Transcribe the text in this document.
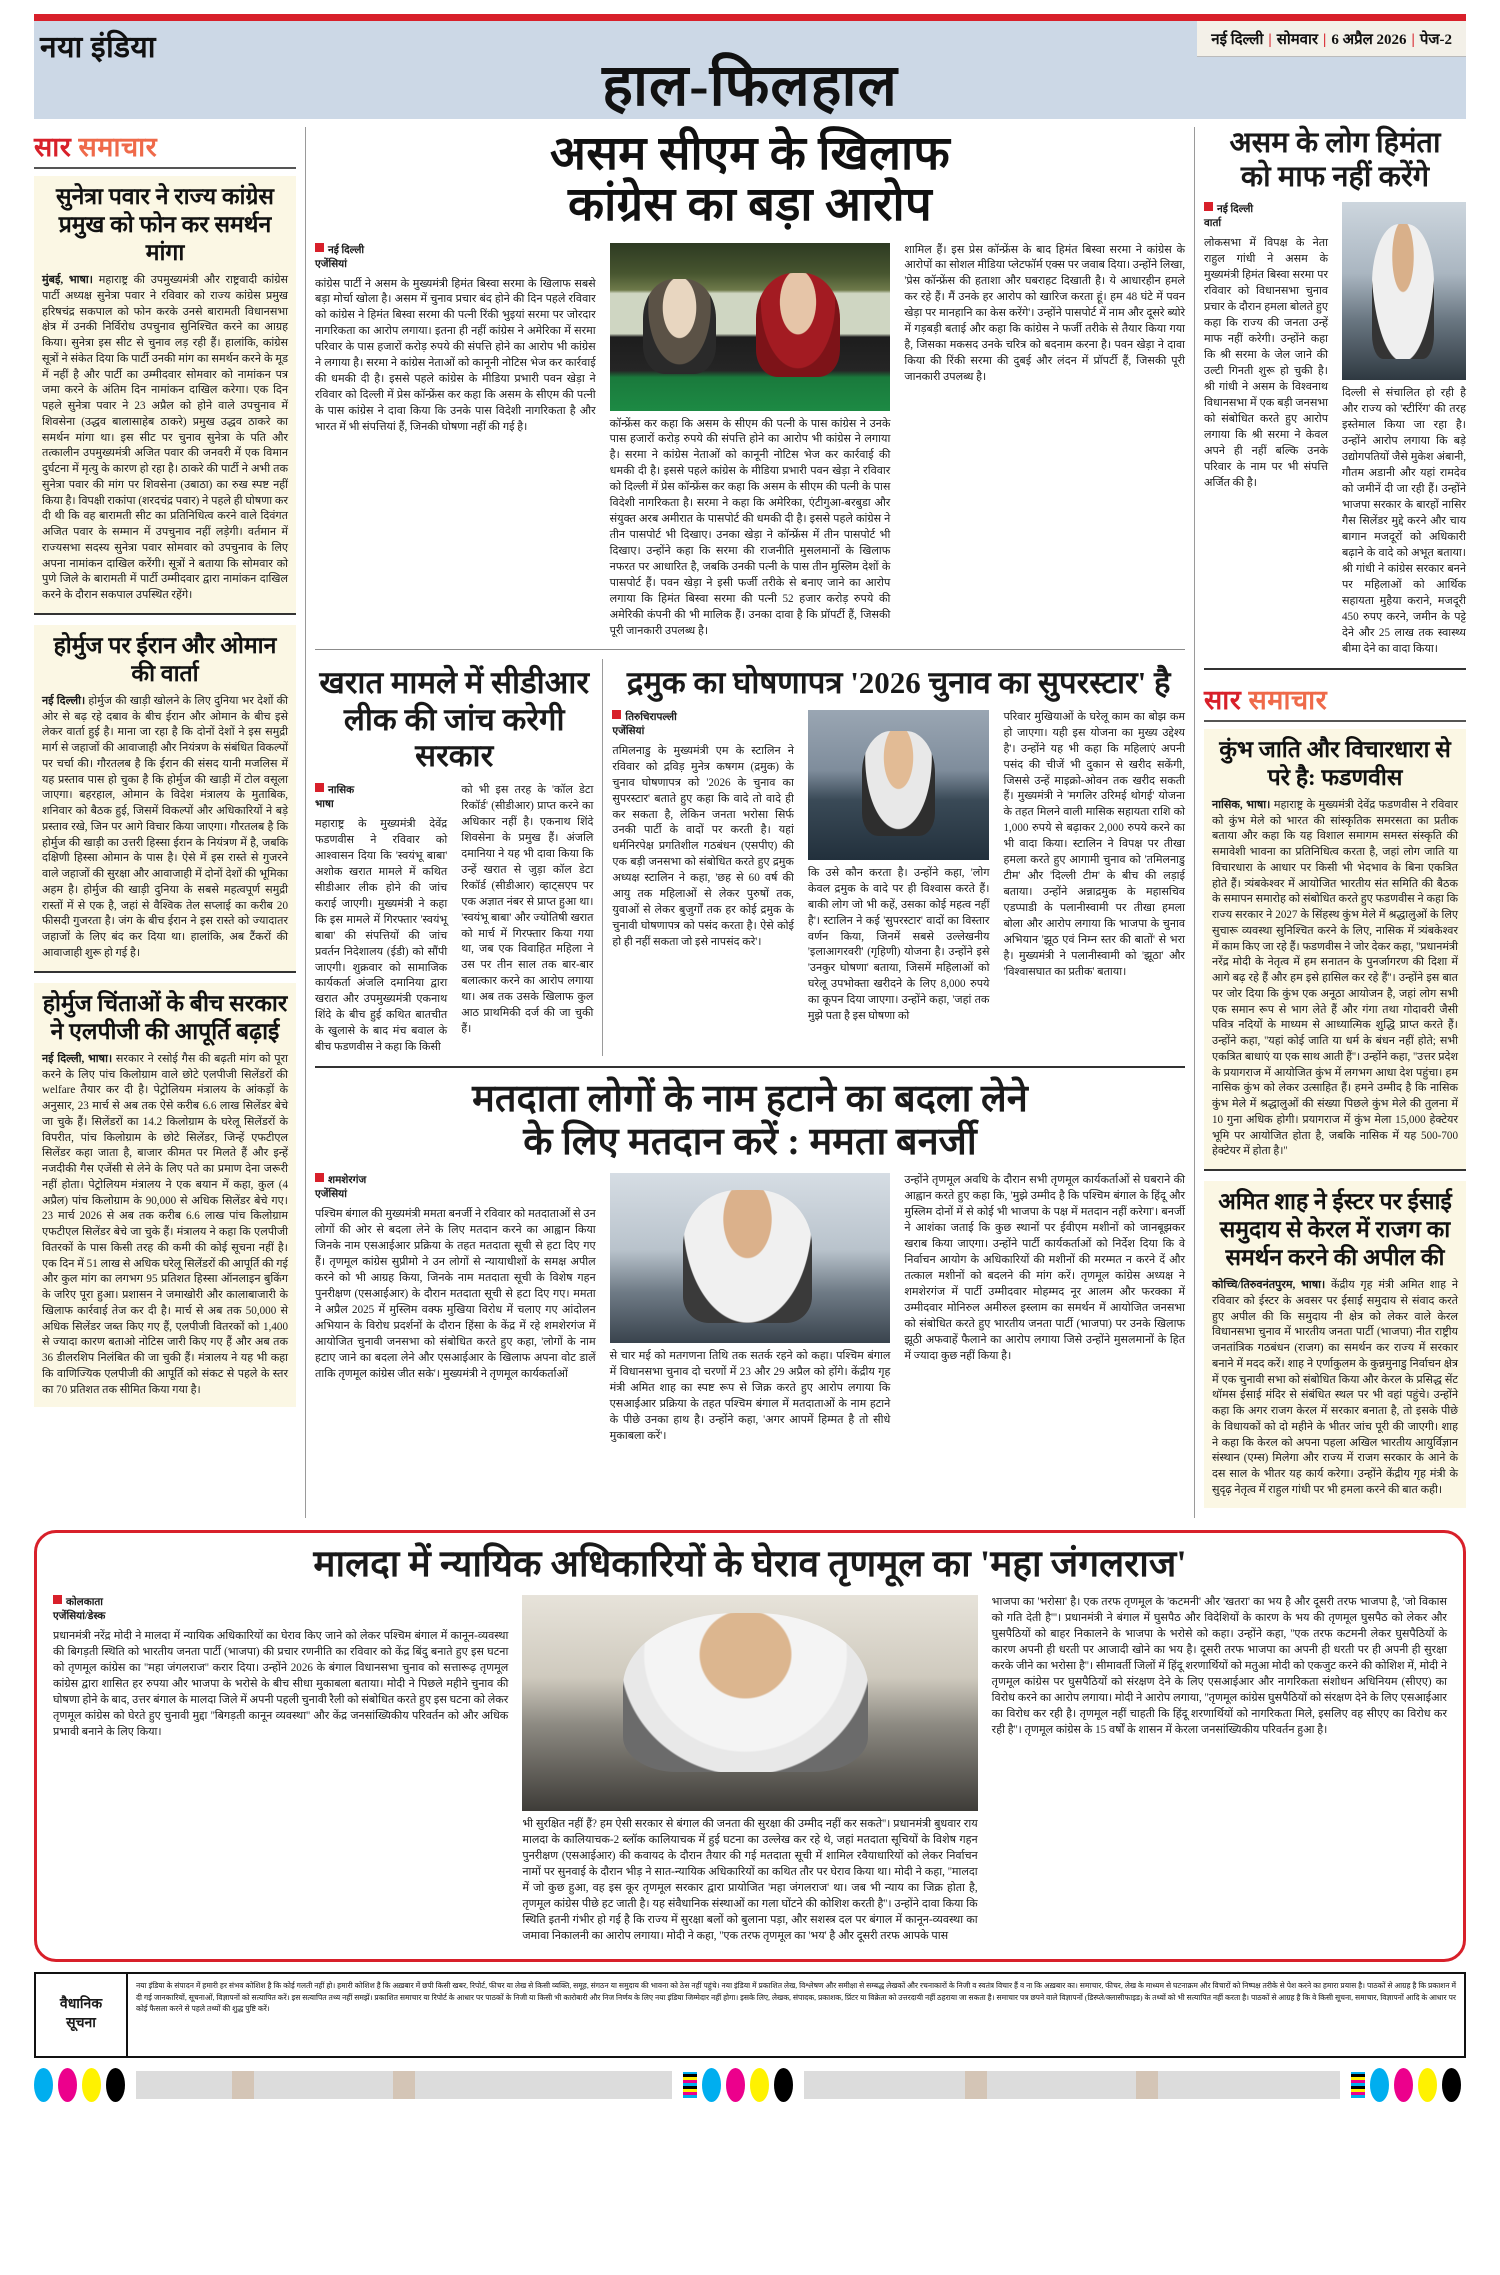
नया इंडिया	नई दिल्ली | सोमवार | 6 अप्रैल 2026 | पेज-2
हाल-फिलहाल
सार समाचार
सुनेत्रा पवार ने राज्य कांग्रेस प्रमुख को फोन कर समर्थन मांगा
मुंबई, भाषा। महाराष्ट्र की उपमुख्यमंत्री और राष्ट्रवादी कांग्रेस पार्टी अध्यक्ष सुनेत्रा पवार ने रविवार को राज्य कांग्रेस प्रमुख हरिषचंद्र सकपाल को फोन करके उनसे बारामती विधानसभा क्षेत्र में उनकी निर्विरोध उपचुनाव सुनिश्चित करने का आग्रह किया। सुनेत्रा इस सीट से चुनाव लड़ रही हैं। हालांकि, कांग्रेस सूत्रों ने संकेत दिया कि पार्टी उनकी मांग का समर्थन करने के मूड में नहीं है और पार्टी का उम्मीदवार सोमवार को नामांकन पत्र जमा करने के अंतिम दिन नामांकन दाखिल करेगा। एक दिन पहले सुनेत्रा पवार ने 23 अप्रैल को होने वाले उपचुनाव में शिवसेना (उद्धव बालासाहेब ठाकरे) प्रमुख उद्धव ठाकरे का समर्थन मांगा था। इस सीट पर चुनाव सुनेत्रा के पति और तत्कालीन उपमुख्यमंत्री अजित पवार की जनवरी में एक विमान दुर्घटना में मृत्यु के कारण हो रहा है। ठाकरे की पार्टी ने अभी तक सुनेत्रा पवार की मांग पर शिवसेना (उबाठा) का रुख स्पष्ट नहीं किया है। विपक्षी राकांपा (शरदचंद्र पवार) ने पहले ही घोषणा कर दी थी कि वह बारामती सीट का प्रतिनिधित्व करने वाले दिवंगत अजित पवार के सम्मान में उपचुनाव नहीं लड़ेगी। वर्तमान में राज्यसभा सदस्य सुनेत्रा पवार सोमवार को उपचुनाव के लिए अपना नामांकन दाखिल करेंगी। सूत्रों ने बताया कि सोमवार को पुणे जिले के बारामती में पार्टी उम्मीदवार द्वारा नामांकन दाखिल करने के दौरान सकपाल उपस्थित रहेंगे।
होर्मुज पर ईरान और ओमान की वार्ता
नई दिल्ली। होर्मुज की खाड़ी खोलने के लिए दुनिया भर देशों की ओर से बढ़ रहे दबाव के बीच ईरान और ओमान के बीच इसे लेकर वार्ता हुई है। माना जा रहा है कि दोनों देशों ने इस समुद्री मार्ग से जहाजों की आवाजाही और नियंत्रण के संबंधित विकल्पों पर चर्चा की। गौरतलब है कि ईरान की संसद यानी मजलिस में यह प्रस्ताव पास हो चुका है कि होर्मुज की खाड़ी में टोल वसूला जाएगा। बहरहाल, ओमान के विदेश मंत्रालय के मुताबिक, शनिवार को बैठक हुई, जिसमें विकल्पों और अधिकारियों ने बड़े प्रस्ताव रखे, जिन पर आगे विचार किया जाएगा। गौरतलब है कि होर्मुज की खाड़ी का उत्तरी हिस्सा ईरान के नियंत्रण में है, जबकि दक्षिणी हिस्सा ओमान के पास है। ऐसे में इस रास्ते से गुजरने वाले जहाजों की सुरक्षा और आवाजाही में दोनों देशों की भूमिका अहम है। होर्मुज की खाड़ी दुनिया के सबसे महत्वपूर्ण समुद्री रास्तों में से एक है, जहां से वैश्विक तेल सप्लाई का करीब 20 फीसदी गुजरता है। जंग के बीच ईरान ने इस रास्ते को ज्यादातर जहाजों के लिए बंद कर दिया था। हालांकि, अब टैंकरों की आवाजाही शुरू हो गई है।
होर्मुज चिंताओं के बीच सरकार ने एलपीजी की आपूर्ति बढ़ाई
नई दिल्ली, भाषा। सरकार ने रसोई गैस की बढ़ती मांग को पूरा करने के लिए पांच किलोग्राम वाले छोटे एलपीजी सिलेंडरों की welfare तैयार कर दी है। पेट्रोलियम मंत्रालय के आंकड़ों के अनुसार, 23 मार्च से अब तक ऐसे करीब 6.6 लाख सिलेंडर बेचे जा चुके हैं। सिलेंडरों का 14.2 किलोग्राम के घरेलू सिलेंडरों के विपरीत, पांच किलोग्राम के छोटे सिलेंडर, जिन्हें एफटीएल सिलेंडर कहा जाता है, बाजार कीमत पर मिलते हैं और इन्हें नजदीकी गैस एजेंसी से लेने के लिए पते का प्रमाण देना जरूरी नहीं होता। पेट्रोलियम मंत्रालय ने एक बयान में कहा, कुल (4 अप्रैल) पांच किलोग्राम के 90,000 से अधिक सिलेंडर बेचे गए। 23 मार्च 2026 से अब तक करीब 6.6 लाख पांच किलोग्राम एफटीएल सिलेंडर बेचे जा चुके हैं। मंत्रालय ने कहा कि एलपीजी वितरकों के पास किसी तरह की कमी की कोई सूचना नहीं है। एक दिन में 51 लाख से अधिक घरेलू सिलेंडरों की आपूर्ति की गई और कुल मांग का लगभग 95 प्रतिशत हिस्सा ऑनलाइन बुकिंग के जरिए पूरा हुआ। प्रशासन ने जमाखोरी और कालाबाजारी के खिलाफ कार्रवाई तेज कर दी है। मार्च से अब तक 50,000 से अधिक सिलेंडर जब्त किए गए हैं, एलपीजी वितरकों को 1,400 से ज्यादा कारण बताओ नोटिस जारी किए गए हैं और अब तक 36 डीलरशिप निलंबित की जा चुकी हैं। मंत्रालय ने यह भी कहा कि वाणिज्यिक एलपीजी की आपूर्ति को संकट से पहले के स्तर का 70 प्रतिशत तक सीमित किया गया है।
असम सीएम के खिलाफ
कांग्रेस का बड़ा आरोप
नई दिल्ली
एजेंसियां
कांग्रेस पार्टी ने असम के मुख्यमंत्री हिमंत बिस्वा सरमा के खिलाफ सबसे बड़ा मोर्चा खोला है। असम में चुनाव प्रचार बंद होने की दिन पहले रविवार को कांग्रेस ने हिमंत बिस्वा सरमा की पत्नी रिंकी भुइयां सरमा पर जोरदार नागरिकता का आरोप लगाया। इतना ही नहीं कांग्रेस ने अमेरिका में सरमा परिवार के पास हजारों करोड़ रुपये की संपत्ति होने का आरोप भी कांग्रेस ने लगाया है। सरमा ने कांग्रेस नेताओं को कानूनी नोटिस भेज कर कार्रवाई की धमकी दी है। इससे पहले कांग्रेस के मीडिया प्रभारी पवन खेड़ा ने रविवार को दिल्ली में प्रेस कॉन्फ्रेंस कर कहा कि असम के सीएम की पत्नी के पास कांग्रेस ने दावा किया कि उनके पास विदेशी नागरिकता है और भारत में भी संपत्तियां हैं, जिनकी घोषणा नहीं की गई है।	कॉन्फ्रेंस कर कहा कि असम के सीएम की पत्नी के पास कांग्रेस ने उनके पास हजारों करोड़ रुपये की संपत्ति होने का आरोप भी कांग्रेस ने लगाया है। सरमा ने कांग्रेस नेताओं को कानूनी नोटिस भेज कर कार्रवाई की धमकी दी है। इससे पहले कांग्रेस के मीडिया प्रभारी पवन खेड़ा ने रविवार को दिल्ली में प्रेस कॉन्फ्रेंस कर कहा कि असम के सीएम की पत्नी के पास विदेशी नागरिकता है। सरमा ने कहा कि अमेरिका, एंटीगुआ-बरबुडा और संयुक्त अरब अमीरात के पासपोर्ट की धमकी दी है। इससे पहले कांग्रेस ने तीन पासपोर्ट भी दिखाए। उनका खेड़ा ने कॉन्फ्रेंस में तीन पासपोर्ट भी दिखाए। उन्होंने कहा कि सरमा की राजनीति मुसलमानों के खिलाफ नफरत पर आधारित है, जबकि उनकी पत्नी के पास तीन मुस्लिम देशों के पासपोर्ट हैं। पवन खेड़ा ने इसी फर्जी तरीके से बनाए जाने का आरोप लगाया कि हिमंत बिस्वा सरमा की पत्नी 52 हजार करोड़ रुपये की अमेरिकी कंपनी की भी मालिक हैं। उनका दावा है कि प्रॉपर्टी हैं, जिसकी पूरी जानकारी उपलब्ध है।
शामिल हैं। इस प्रेस कॉन्फ्रेंस के बाद हिमंत बिस्वा सरमा ने कांग्रेस के आरोपों का सोशल मीडिया प्लेटफॉर्म एक्स पर जवाब दिया। उन्होंने लिखा, 'प्रेस कॉन्फ्रेंस की हताशा और घबराहट दिखाती है। ये आधारहीन हमले कर रहे हैं। मैं उनके हर आरोप को खारिज करता हूं। हम 48 घंटे में पवन खेड़ा पर मानहानि का केस करेंगे'। उन्होंने पासपोर्ट में नाम और दूसरे ब्योरे में गड़बड़ी बताई और कहा कि कांग्रेस ने फर्जी तरीके से तैयार किया गया है, जिसका मकसद उनके चरित्र को बदनाम करना है। पवन खेड़ा ने दावा किया की रिंकी सरमा की दुबई और लंदन में प्रॉपर्टी हैं, जिसकी पूरी जानकारी उपलब्ध है।
खरात मामले में सीडीआर
लीक की जांच करेगी सरकार
नासिक
भाषा
महाराष्ट्र के मुख्यमंत्री देवेंद्र फडणवीस ने रविवार को आश्वासन दिया कि 'स्वयंभू बाबा' अशोक खरात मामले में कथित सीडीआर लीक होने की जांच कराई जाएगी। मुख्यमंत्री ने कहा कि इस मामले में गिरफ्तार 'स्वयंभू बाबा' की संपत्तियों की जांच प्रवर्तन निदेशालय (ईडी) को सौंपी जाएगी। शुक्रवार को सामाजिक कार्यकर्ता अंजलि दमानिया द्वारा खरात और उपमुख्यमंत्री एकनाथ शिंदे के बीच हुई कथित बातचीत के खुलासे के बाद मंच बवाल के बीच फडणवीस ने कहा कि किसी
को भी इस तरह के 'कॉल डेटा रिकॉर्ड' (सीडीआर) प्राप्त करने का अधिकार नहीं है। एकनाथ शिंदे शिवसेना के प्रमुख हैं। अंजलि दमानिया ने यह भी दावा किया कि उन्हें खरात से जुड़ा कॉल डेटा रिकॉर्ड (सीडीआर) व्हाट्सएप पर एक अज्ञात नंबर से प्राप्त हुआ था। 'स्वयंभू बाबा' और ज्योतिषी खरात को मार्च में गिरफ्तार किया गया था, जब एक विवाहित महिला ने उस पर तीन साल तक बार-बार बलात्कार करने का आरोप लगाया था। अब तक उसके खिलाफ कुल आठ प्राथमिकी दर्ज की जा चुकी हैं।
द्रमुक का घोषणापत्र '2026 चुनाव का सुपरस्टार' है
तिरुचिरापल्ली
एजेंसियां
तमिलनाडु के मुख्यमंत्री एम के स्टालिन ने रविवार को द्रविड़ मुनेत्र कषगम (द्रमुक) के चुनाव घोषणापत्र को '2026 के चुनाव का सुपरस्टार' बताते हुए कहा कि वादे तो वादे ही कर सकता है, लेकिन जनता भरोसा सिर्फ उनकी पार्टी के वादों पर करती है। यहां धर्मनिरपेक्ष प्रगतिशील गठबंधन (एसपीए) की एक बड़ी जनसभा को संबोधित करते हुए द्रमुक अध्यक्ष स्टालिन ने कहा, 'छह से 60 वर्ष की आयु तक महिलाओं से लेकर पुरुषों तक, युवाओं से लेकर बुजुर्गों तक हर कोई द्रमुक के चुनावी घोषणापत्र को पसंद करता है। ऐसे कोई हो ही नहीं सकता जो इसे नापसंद करे'।
कि उसे कौन करता है। उन्होंने कहा, 'लोग केवल द्रमुक के वादे पर ही विश्वास करते हैं। बाकी लोग जो भी कहें, उसका कोई महत्व नहीं है'। स्टालिन ने कई 'सुपरस्टार' वादों का विस्तार वर्णन किया, जिनमें सबसे उल्लेखनीय 'इलाआगरवरी' (गृहिणी) योजना है। उन्होंने इसे 'उनकुर घोषणा' बताया, जिसमें महिलाओं को घरेलू उपभोक्ता खरीदने के लिए 8,000 रुपये का कूपन दिया जाएगा। उन्होंने कहा, 'जहां तक मुझे पता है इस घोषणा को
परिवार मुखियाओं के घरेलू काम का बोझ कम हो जाएगा। यही इस योजना का मुख्य उद्देश्य है'। उन्होंने यह भी कहा कि महिलाएं अपनी पसंद की चीजें भी दुकान से खरीद सकेंगी, जिससे उन्हें माइक्रो-ओवन तक खरीद सकती हैं। मुख्यमंत्री ने 'मगलिर उरिमई थोगई' योजना के तहत मिलने वाली मासिक सहायता राशि को 1,000 रुपये से बढ़ाकर 2,000 रुपये करने का भी वादा किया। स्टालिन ने विपक्ष पर तीखा हमला करते हुए आगामी चुनाव को 'तमिलनाडु टीम' और 'दिल्ली टीम' के बीच की लड़ाई बताया। उन्होंने अन्नाद्रमुक के महासचिव एडप्पाडी के पलानीस्वामी पर तीखा हमला बोला और आरोप लगाया कि भाजपा के चुनाव अभियान 'झूठ एवं निम्न स्तर की बातों' से भरा है। मुख्यमंत्री ने पलानीस्वामी को 'झूठा' और 'विश्वासघात का प्रतीक' बताया।
मतदाता लोगों के नाम हटाने का बदला लेने
के लिए मतदान करें : ममता बनर्जी
शमशेरगंज
एजेंसियां
पश्चिम बंगाल की मुख्यमंत्री ममता बनर्जी ने रविवार को मतदाताओं से उन लोगों की ओर से बदला लेने के लिए मतदान करने का आह्वान किया जिनके नाम एसआईआर प्रक्रिया के तहत मतदाता सूची से हटा दिए गए हैं। तृणमूल कांग्रेस सुप्रीमो ने उन लोगों से न्यायाधीशों के समक्ष अपील करने को भी आग्रह किया, जिनके नाम मतदाता सूची के विशेष गहन पुनरीक्षण (एसआईआर) के दौरान मतदाता सूची से हटा दिए गए। ममता ने अप्रैल 2025 में मुस्लिम वक्फ मुखिया विरोध में चलाए गए आंदोलन अभियान के विरोध प्रदर्शनों के दौरान हिंसा के केंद्र में रहे शमशेरगंज में आयोजित चुनावी जनसभा को संबोधित करते हुए कहा, 'लोगों के नाम हटाए जाने का बदला लेने और एसआईआर के खिलाफ अपना वोट डालें ताकि तृणमूल कांग्रेस जीत सके'। मुख्यमंत्री ने तृणमूल कार्यकर्ताओं
से चार मई को मतगणना तिथि तक सतर्क रहने को कहा। पश्चिम बंगाल में विधानसभा चुनाव दो चरणों में 23 और 29 अप्रैल को होंगे। केंद्रीय गृह मंत्री अमित शाह का स्पष्ट रूप से जिक्र करते हुए आरोप लगाया कि एसआईआर प्रक्रिया के तहत पश्चिम बंगाल में मतदाताओं के नाम हटाने के पीछे उनका हाथ है। उन्होंने कहा, 'अगर आपमें हिम्मत है तो सीधे मुकाबला करें'।
उन्होंने तृणमूल अवधि के दौरान सभी तृणमूल कार्यकर्ताओं से घबराने की आह्वान करते हुए कहा कि, 'मुझे उम्मीद है कि पश्चिम बंगाल के हिंदू और मुस्लिम दोनों में से कोई भी भाजपा के पक्ष में मतदान नहीं करेगा'। बनर्जी ने आशंका जताई कि कुछ स्थानों पर ईवीएम मशीनों को जानबूझकर खराब किया जाएगा। उन्होंने पार्टी कार्यकर्ताओं को निर्देश दिया कि वे निर्वाचन आयोग के अधिकारियों की मशीनों की मरम्मत न करने दें और तत्काल मशीनों को बदलने की मांग करें। तृणमूल कांग्रेस अध्यक्ष ने शमशेरगंज में पार्टी उम्मीदवार मोहम्मद नूर आलम और फरक्का में उम्मीदवार मोनिरुल अमीरुल इस्लाम का समर्थन में आयोजित जनसभा को संबोधित करते हुए भारतीय जनता पार्टी (भाजपा) पर उनके खिलाफ झूठी अफवाहें फैलाने का आरोप लगाया जिसे उन्होंने मुसलमानों के हित में ज्यादा कुछ नहीं किया है।
असम के लोग हिमंता
को माफ नहीं करेंगे
नई दिल्ली
वार्ता
लोकसभा में विपक्ष के नेता राहुल गांधी ने असम के मुख्यमंत्री हिमंत बिस्वा सरमा पर रविवार को विधानसभा चुनाव प्रचार के दौरान हमला बोलते हुए कहा कि राज्य की जनता उन्हें माफ नहीं करेगी। उन्होंने कहा कि श्री सरमा के जेल जाने की उल्टी गिनती शुरू हो चुकी है। श्री गांधी ने असम के विश्वनाथ विधानसभा में एक बड़ी जनसभा को संबोधित करते हुए आरोप लगाया कि श्री सरमा ने केवल अपने ही नहीं बल्कि उनके परिवार के नाम पर भी संपत्ति अर्जित की है।
दिल्ली से संचालित हो रही है और राज्य को 'स्टीरिंग' की तरह इस्तेमाल किया जा रहा है। उन्होंने आरोप लगाया कि बड़े उद्योगपतियों जैसे मुकेश अंबानी, गौतम अडानी और यहां रामदेव को जमीनें दी जा रही हैं। उन्होंने भाजपा सरकार के बारहों नासिर गैस सिलेंडर मुद्दे करने और चाय बागान मजदूरों को अधिकारी बढ़ाने के वादे को अभूत बताया। श्री गांधी ने कांग्रेस सरकार बनने पर महिलाओं को आर्थिक सहायता मुहैया कराने, मजदूरी 450 रुपए करने, जमीन के पट्टे देने और 25 लाख तक स्वास्थ्य बीमा देने का वादा किया।
सार समाचार
कुंभ जाति और विचारधारा से परे है: फडणवीस
नासिक, भाषा। महाराष्ट्र के मुख्यमंत्री देवेंद्र फडणवीस ने रविवार को कुंभ मेले को भारत की सांस्कृतिक समरसता का प्रतीक बताया और कहा कि यह विशाल समागम समस्त संस्कृति की समावेशी भावना का प्रतिनिधित्व करता है, जहां लोग जाति या विचारधारा के आधार पर किसी भी भेदभाव के बिना एकत्रित होते हैं। त्र्यंबकेश्वर में आयोजित भारतीय संत समिति की बैठक के समापन समारोह को संबोधित करते हुए फडणवीस ने कहा कि राज्य सरकार ने 2027 के सिंहस्थ कुंभ मेले में श्रद्धालुओं के लिए सुचारू व्यवस्था सुनिश्चित करने के लिए, नासिक में त्र्यंबकेश्वर में काम किए जा रहे हैं। फडणवीस ने जोर देकर कहा, ''प्रधानमंत्री नरेंद्र मोदी के नेतृत्व में हम सनातन के पुनर्जागरण की दिशा में आगे बढ़ रहे हैं और हम इसे हासिल कर रहे हैं''। उन्होंने इस बात पर जोर दिया कि कुंभ एक अनूठा आयोजन है, जहां लोग सभी एक समान रूप से भाग लेते हैं और गंगा तथा गोदावरी जैसी पवित्र नदियों के माध्यम से आध्यात्मिक शुद्धि प्राप्त करते हैं। उन्होंने कहा, ''यहां कोई जाति या धर्म के बंधन नहीं होते; सभी एकत्रित बाधाएं या एक साथ आती हैं''। उन्होंने कहा, ''उत्तर प्रदेश के प्रयागराज में आयोजित कुंभ में लगभग आधा देश पहुंचा। हम नासिक कुंभ को लेकर उत्साहित हैं। हमने उम्मीद है कि नासिक कुंभ मेले में श्रद्धालुओं की संख्या पिछले कुंभ मेले की तुलना में 10 गुना अधिक होगी। प्रयागराज में कुंभ मेला 15,000 हेक्टेयर भूमि पर आयोजित होता है, जबकि नासिक में यह 500-700 हेक्टेयर में होता है।''
अमित शाह ने ईस्टर पर ईसाई समुदाय से केरल में राजग का समर्थन करने की अपील की
कोच्चि/तिरुवनंतपुरम, भाषा। केंद्रीय गृह मंत्री अमित शाह ने रविवार को ईस्टर के अवसर पर ईसाई समुदाय से संवाद करते हुए अपील की कि समुदाय नी क्षेत्र को लेकर वाले केरल विधानसभा चुनाव में भारतीय जनता पार्टी (भाजपा) नीत राष्ट्रीय जनतांत्रिक गठबंधन (राजग) का समर्थन कर राज्य में सरकार बनाने में मदद करें। शाह ने एर्णाकुलम के कुन्नमुनाडु निर्वाचन क्षेत्र में एक चुनावी सभा को संबोधित किया और केरल के प्रसिद्ध सेंट थॉमस ईसाई मंदिर से संबंधित स्थल पर भी वहां पहुंचे। उन्होंने कहा कि अगर राजग केरल में सरकार बनाता है, तो इसके पीछे के विधायकों को दो महीने के भीतर जांच पूरी की जाएगी। शाह ने कहा कि केरल को अपना पहला अखिल भारतीय आयुर्विज्ञान संस्थान (एम्स) मिलेगा और राज्य में राजग सरकार के आने के दस साल के भीतर यह कार्य करेगा। उन्होंने केंद्रीय गृह मंत्री के सुदृढ़ नेतृत्व में राहुल गांधी पर भी हमला करने की बात कही।
मालदा में न्यायिक अधिकारियों के घेराव तृणमूल का 'महा जंगलराज'
कोलकाता
एजेंसियां/डेस्क
प्रधानमंत्री नरेंद्र मोदी ने मालदा में न्यायिक अधिकारियों का घेराव किए जाने को लेकर पश्चिम बंगाल में कानून-व्यवस्था की बिगड़ती स्थिति को भारतीय जनता पार्टी (भाजपा) की प्रचार रणनीति का रविवार को केंद्र बिंदु बनाते हुए इस घटना को तृणमूल कांग्रेस का ''महा जंगलराज'' करार दिया। उन्होंने 2026 के बंगाल विधानसभा चुनाव को सत्तारूढ़ तृणमूल कांग्रेस द्वारा शासित हर रुपया और भाजपा के भरोसे के बीच सीधा मुकाबला बताया। मोदी ने पिछले महीने चुनाव की घोषणा होने के बाद, उत्तर बंगाल के मालदा जिले में अपनी पहली चुनावी रैली को संबोधित करते हुए इस घटना को लेकर तृणमूल कांग्रेस को घेरते हुए चुनावी मुद्दा ''बिगड़ती कानून व्यवस्था'' और केंद्र जनसांख्यिकीय परिवर्तन को और अधिक प्रभावी बनाने के लिए किया।
भी सुरक्षित नहीं हैं? हम ऐसी सरकार से बंगाल की जनता की सुरक्षा की उम्मीद नहीं कर सकते''। प्रधानमंत्री बुधवार राय मालदा के कालियाचक-2 ब्लॉक कालियाचक में हुई घटना का उल्लेख कर रहे थे, जहां मतदाता सूचियों के विशेष गहन पुनरीक्षण (एसआईआर) की कवायद के दौरान तैयार की गई मतदाता सूची में शामिल रवैयाधारियों को लेकर निर्वाचन नामों पर सुनवाई के दौरान भीड़ ने सात-न्यायिक अधिकारियों का कथित तौर पर घेराव किया था। मोदी ने कहा, ''मालदा में जो कुछ हुआ, वह इस कूर तृणमूल सरकार द्वारा प्रायोजित 'महा जंगलराज' था। जब भी न्याय का जिक्र होता है, तृणमूल कांग्रेस पीछे हट जाती है। यह संवैधानिक संस्थाओं का गला घोंटने की कोशिश करती है''। उन्होंने दावा किया कि स्थिति इतनी गंभीर हो गई है कि राज्य में सुरक्षा बलों को बुलाना पड़ा, और सशस्त्र दल पर बंगाल में कानून-व्यवस्था का जमावा निकालनी का आरोप लगाया। मोदी ने कहा, ''एक तरफ तृणमूल का 'भय' है और दूसरी तरफ आपके पास
भाजपा का 'भरोसा' है। एक तरफ तृणमूल के 'कटमनी' और 'खतरा' का भय है और दूसरी तरफ भाजपा है, 'जो विकास को गति देती है'''। प्रधानमंत्री ने बंगाल में घुसपैठ और विदेशियों के कारण के भय की तृणमूल घुसपैठ को लेकर और घुसपैठियों को बाहर निकालने के भाजपा के भरोसे को कहा। उन्होंने कहा, ''एक तरफ कटमनी लेकर घुसपैठियों के कारण अपनी ही धरती पर आजादी खोने का भय है। दूसरी तरफ भाजपा का अपनी ही धरती पर ही अपनी ही सुरक्षा करके जीने का भरोसा है''। सीमावर्ती जिलों में हिंदू शरणार्थियों को मतुआ मोदी को एकजुट करने की कोशिश में, मोदी ने तृणमूल कांग्रेस पर घुसपैठियों को संरक्षण देने के लिए एसआईआर और नागरिकता संशोधन अधिनियम (सीएए) का विरोध करने का आरोप लगाया। मोदी ने आरोप लगाया, ''तृणमूल कांग्रेस घुसपैठियों को संरक्षण देने के लिए एसआईआर का विरोध कर रही है। तृणमूल नहीं चाहती कि हिंदू शरणार्थियों को नागरिकता मिले, इसलिए वह सीएए का विरोध कर रही है''। तृणमूल कांग्रेस के 15 वर्षों के शासन में केरला जनसांख्यिकीय परिवर्तन हुआ है।
वैधानिक
सूचना
नया इंडिया के संपादन में हमारी हर संभव कोशिश है कि कोई गलती नहीं हो। हमारी कोशिश है कि अख़बार में छपी किसी खबर, रिपोर्ट, फीचर या लेख से किसी व्यक्ति, समूह, संगठन या समुदाय की भावना को ठेस नहीं पहुंचे। नया इंडिया में प्रकाशित लेख, विश्लेषण और समीक्षा से सम्बद्ध लेखकों और रचनाकारों के निजी व स्वतंत्र विचार हैं व ना कि अख़बार का। समाचार, फीचर, लेख के माध्यम से घटनाक्रम और विचारों को निष्पक्ष तरीके से पेश करने का हमारा प्रयास है। पाठकों से आग्रह है कि प्रकाशन में दी गई जानकारियों, सूचनाओं, विज्ञापनों को सत्यापित करें। इस सत्यापित तथ्य नहीं समझें। प्रकाशित समाचार या रिपोर्ट के आधार पर पाठकों के निजी या किसी भी कारोबारी और निज निर्णय के लिए नया इंडिया जिम्मेदार नहीं होगा। इसके लिए, लेखक, संपादक, प्रकाशक, प्रिंटर या विक्रेता को उत्तरदायी नहीं ठहराया जा सकता है। समाचार पत्र छपने वाले विज्ञापनों (डिस्प्ले/क्लासीफाइड) के तथ्यों को भी सत्यापित नहीं करता है। पाठकों से आग्रह है कि वे किसी सूचना, समाचार, विज्ञापनों आदि के आधार पर कोई फैसला करने से पहले तथ्यों की शुद्ध पुष्टि करें।
